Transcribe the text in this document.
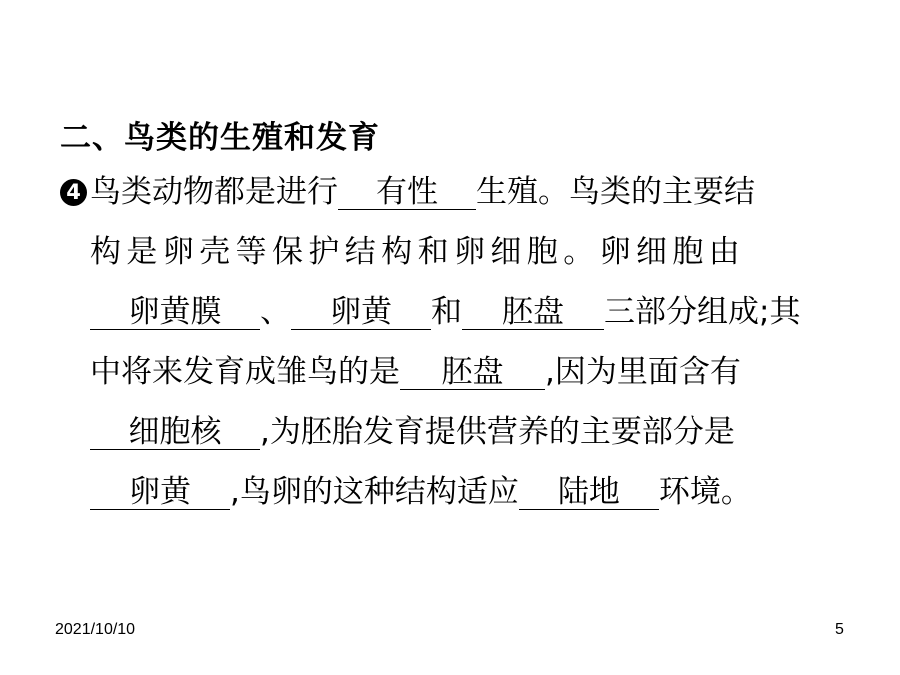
二、鸟类的生殖和发育
4 鸟类动物都是进行 有性 生殖。鸟类的主要结
构是卵壳等保护结构和卵细胞。卵细胞由
卵黄膜 、 卵黄 和 胚盘 三部分组成;其
中将来发育成雏鸟的是 胚盘 ,因为里面含有
细胞核 ,为胚胎发育提供营养的主要部分是
卵黄 ,鸟卵的这种结构适应 陆地 环境。
2021/10/10	5
